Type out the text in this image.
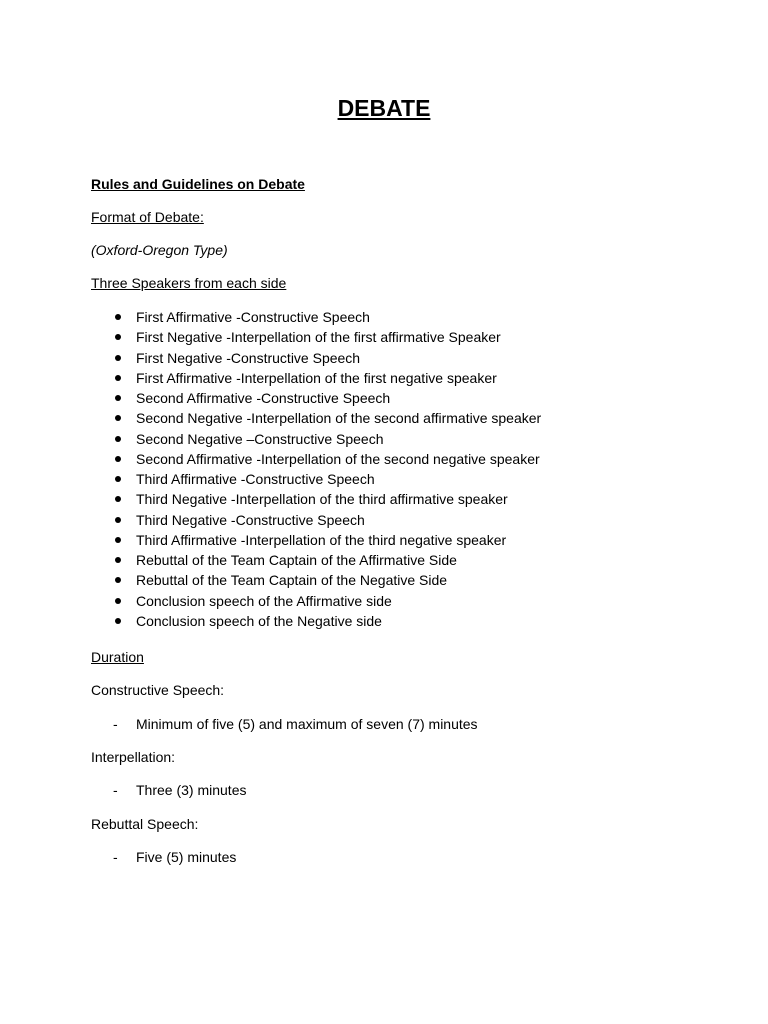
DEBATE
Rules and Guidelines on Debate
Format of Debate:
(Oxford-Oregon Type)
Three Speakers from each side
First Affirmative -Constructive Speech
First Negative -Interpellation of the first affirmative Speaker
First Negative -Constructive Speech
First Affirmative -Interpellation of the first negative speaker
Second Affirmative -Constructive Speech
Second Negative -Interpellation of the second affirmative speaker
Second Negative –Constructive Speech
Second Affirmative -Interpellation of the second negative speaker
Third Affirmative -Constructive Speech
Third Negative -Interpellation of the third affirmative speaker
Third Negative -Constructive Speech
Third Affirmative -Interpellation of the third negative speaker
Rebuttal of the Team Captain of the Affirmative Side
Rebuttal of the Team Captain of the Negative Side
Conclusion speech of the Affirmative side
Conclusion speech of the Negative side
Duration
Constructive Speech:
- Minimum of five (5) and maximum of seven (7) minutes
Interpellation:
- Three (3) minutes
Rebuttal Speech:
- Five (5) minutes
